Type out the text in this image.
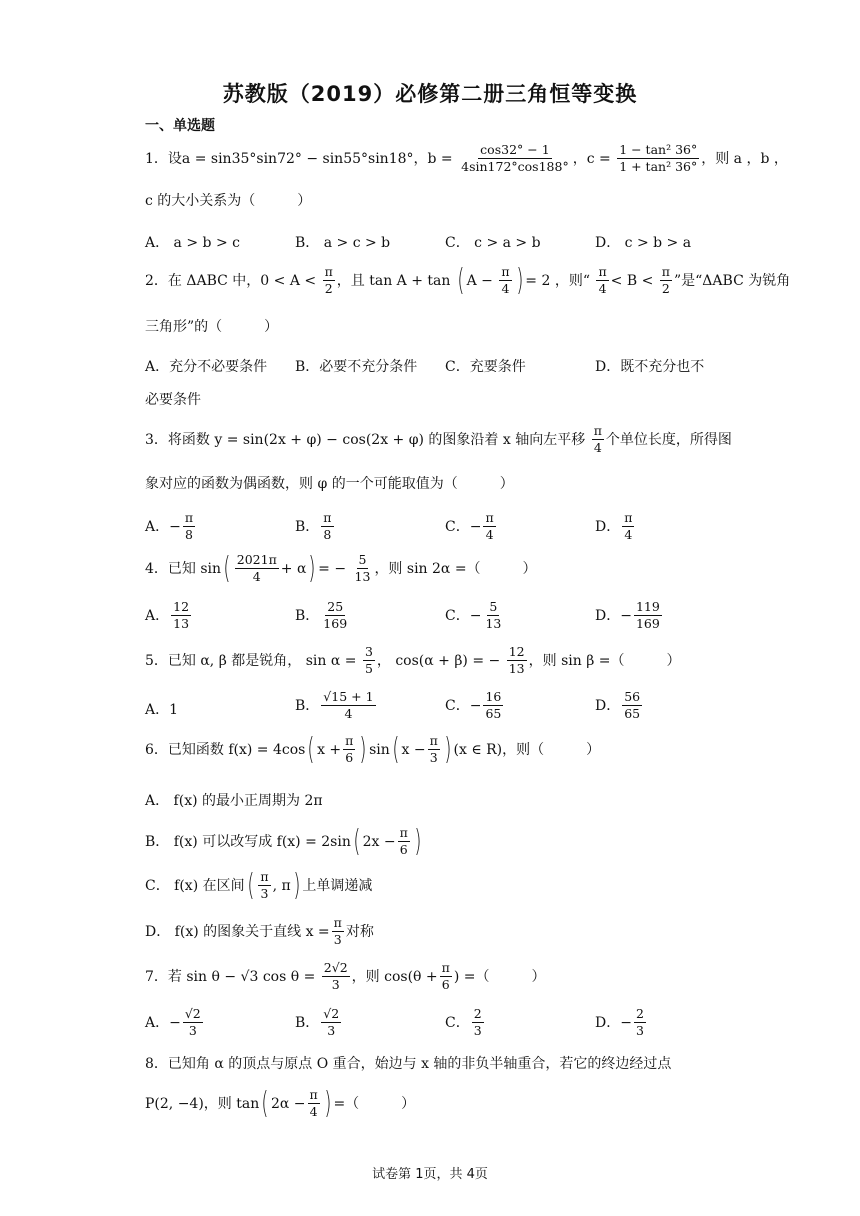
苏教版（2019）必修第二册三角恒等变换
一、单选题
1．设a = sin35°sin72° − sin55°sin18°，$b = \frac{\cos 32^\circ - 1}{4\sin 172^\circ\cos 188^\circ}$ ，$c = \frac{\text{1 − tan² 36°}}{\text{1 + tan² 36°}}$ ，则 a ，b ，
c 的大小关系为（　　　）
A． a > b > c	B． a > c > b	C． c > a > b	D． c > b > a
2．在 ΔABC 中，$0 < A < \frac{\pi}{2}$ ，且 tan A + tan ( $A - \frac{\pi}{4}$ ) = 2 ，则“ $\frac{\pi}{4} < B < \frac{\pi}{2}$ ”是“ΔABC 为锐角
三角形”的（　　　）
A．充分不必要条件 B．必要不充分条件 C．充要条件	D．既不充分也不
必要条件
3．将函数 y = sin(2x + φ) − cos(2x + φ) 的图象沿着 x 轴向左平移 $\frac{\pi}{4}$ 个单位长度，所得图
象对应的函数为偶函数，则 φ 的一个可能取值为（　　　）
A．− $\frac{\pi}{8}$	B． $\frac{\pi}{8}$	C．− $\frac{\pi}{4}$	D． $\frac{\pi}{4}$
4．已知 $\sin( \frac{2021\pi}{4} + \alpha)$ = − $\frac{5}{13}$ ，则 sin 2α =（　　　）
A． $\frac{12}{13}$	B． $\frac{25}{169}$	C．− $\frac{5}{13}$	D．− $\frac{119}{169}$
5．已知 α, β 都是锐角， $\sin \alpha = \frac{3}{5}$ ， cos(α + β) = − $\frac{12}{13}$ ，则 sin β =（　　　）
A．1	B． $\frac{√15 + 1}{4}$	C．− $\frac{16}{65}$	D． $\frac{56}{65}$
6．已知函数 f(x) = 4cos( $x + \frac{\pi}{6}$ ) sin( $x - \frac{\pi}{3}$ ) (x ∈ R)，则（　　　）
A． f(x) 的最小正周期为 2π
B． f(x) 可以改写成 f(x) = 2sin( $2x - \frac{\pi}{6}$ )
C． f(x) 在区间( $\frac{\pi}{3}$ , π) 上单调递减
D． f(x) 的图象关于直线 $x = \frac{\pi}{3}$ 对称
7．若 sin θ − √3 $\cos \theta = \frac{2√2}{3}$ ，则 $\cos(\theta + \frac{\pi}{6}$ ) =（　　　）
A．− $\frac{√2}{3}$	B． $\frac{√2}{3}$	C． $\frac{2}{3}$	D．− $\frac{2}{3}$
8．已知角 α 的顶点与原点 O 重合，始边与 x 轴的非负半轴重合，若它的终边经过点
P(2, −4)，则 tan( $2\alpha - \frac{\pi}{4}$ ) =（　　　）
试卷第 1页，共 4页
